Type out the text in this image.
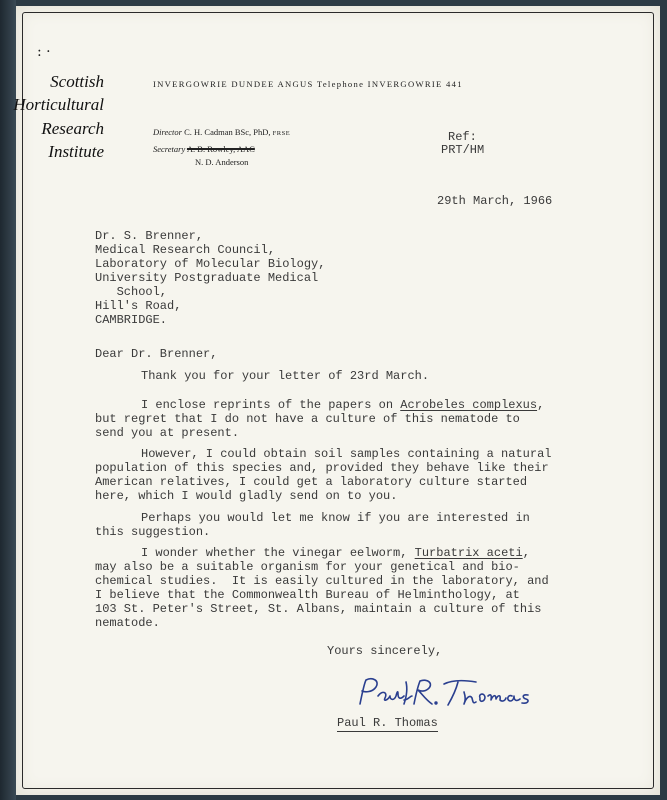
: ·
Scottish
Horticultural
Research
Institute
INVERGOWRIE DUNDEE ANGUS Telephone INVERGOWRIE 441
Director C. H. Cadman BSc, PhD, FRSE
Secretary A. B. Rowley, AAC
N. D. Anderson
Ref:
PRT/HM
29th March, 1966
Dr. S. Brenner,
Medical Research Council,
Laboratory of Molecular Biology,
University Postgraduate Medical
School,
Hill's Road,
CAMBRIDGE.
Dear Dr. Brenner,
Thank you for your letter of 23rd March.
I enclose reprints of the papers on Acrobeles complexus,
but regret that I do not have a culture of this nematode to
send you at present.
However, I could obtain soil samples containing a natural
population of this species and, provided they behave like their
American relatives, I could get a laboratory culture started
here, which I would gladly send on to you.
Perhaps you would let me know if you are interested in
this suggestion.
I wonder whether the vinegar eelworm, Turbatrix aceti,
may also be a suitable organism for your genetical and bio-
chemical studies.  It is easily cultured in the laboratory, and
I believe that the Commonwealth Bureau of Helminthology, at
103 St. Peter's Street, St. Albans, maintain a culture of this
nematode.
Yours sincerely,
Paul R. Thomas
